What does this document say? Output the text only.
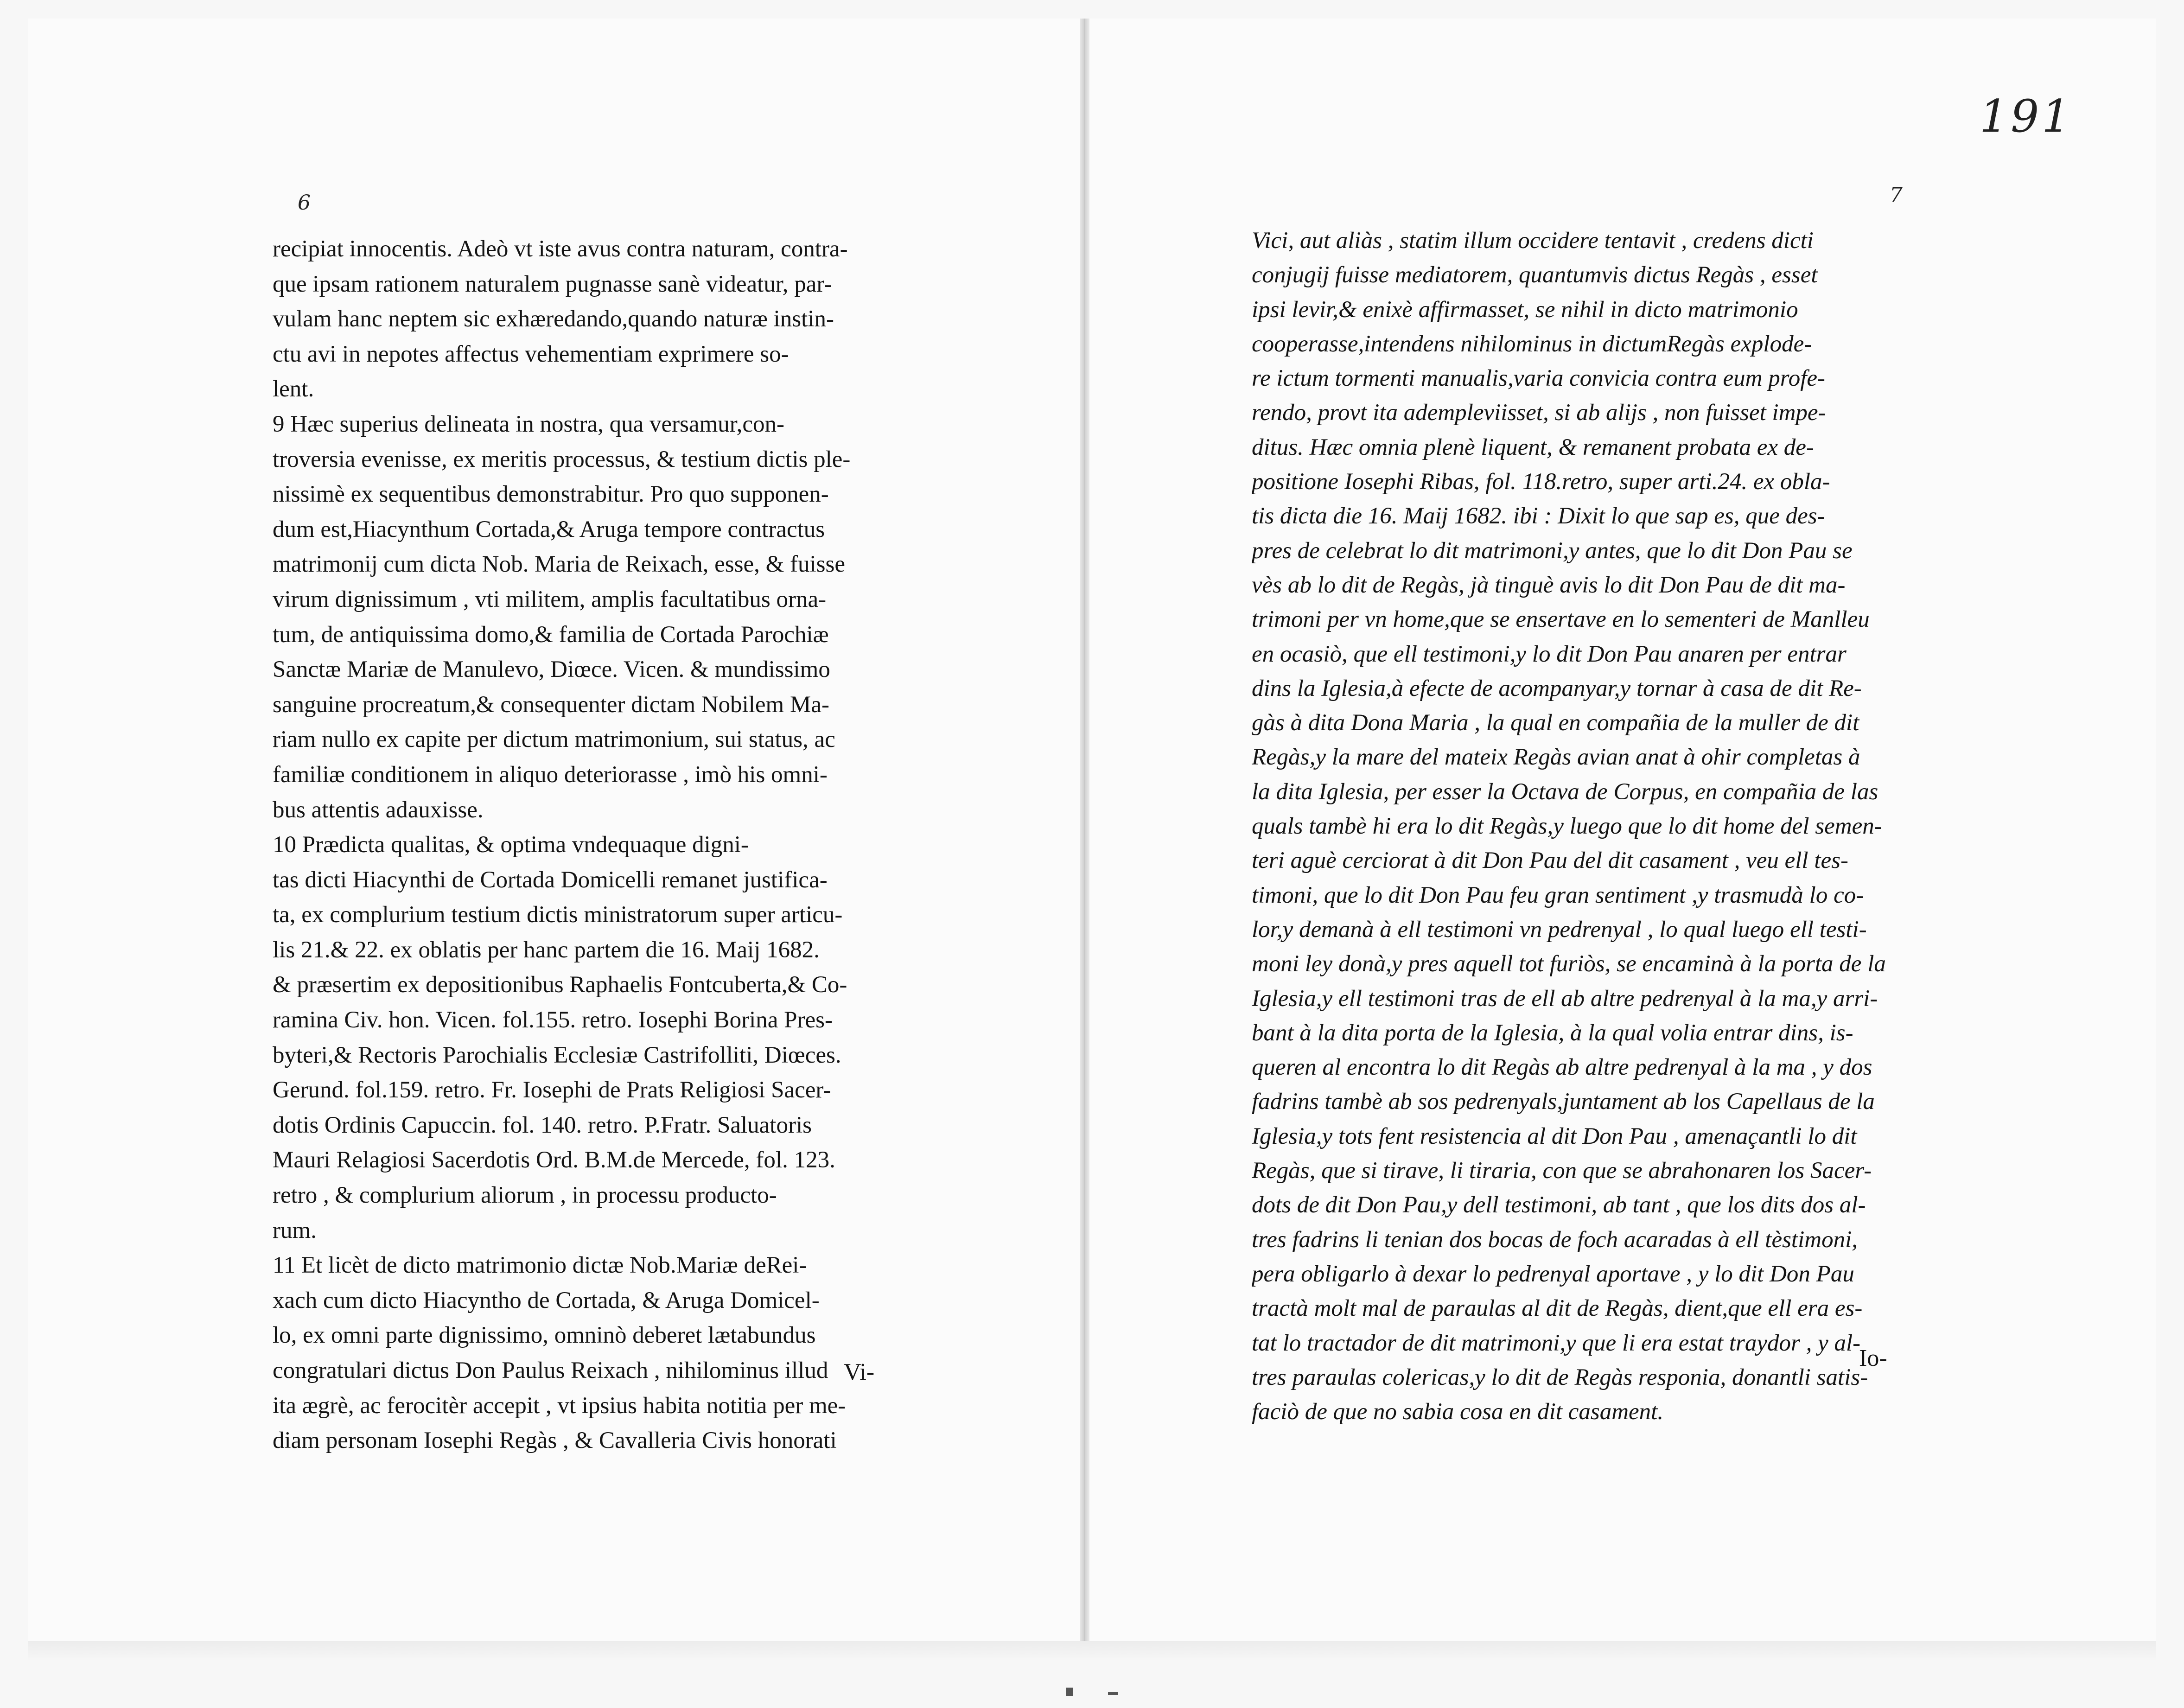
191
6	7
recipiat innocentis. Adeò vt iste avus contra naturam, contra-
que ipsam rationem naturalem pugnasse sanè videatur, par-
vulam hanc neptem sic exhæredando,quando naturæ instin-
ctu avi in nepotes affectus vehementiam exprimere so-
lent.
9 Hæc superius delineata in nostra, qua versamur,con-
troversia evenisse, ex meritis processus, & testium dictis ple-
nissimè ex sequentibus demonstrabitur. Pro quo supponen-
dum est,Hiacynthum Cortada,& Aruga tempore contractus
matrimonij cum dicta Nob. Maria de Reixach, esse, & fuisse
virum dignissimum , vti militem, amplis facultatibus orna-
tum, de antiquissima domo,& familia de Cortada Parochiæ
Sanctæ Mariæ de Manulevo, Diœce. Vicen. & mundissimo
sanguine procreatum,& consequenter dictam Nobilem Ma-
riam nullo ex capite per dictum matrimonium, sui status, ac
familiæ conditionem in aliquo deteriorasse , imò his omni-
bus attentis adauxisse.
10 Prædicta qualitas, & optima vndequaque digni-
tas dicti Hiacynthi de Cortada Domicelli remanet justifica-
ta, ex complurium testium dictis ministratorum super articu-
lis 21.& 22. ex oblatis per hanc partem die 16. Maij 1682.
& præsertim ex depositionibus Raphaelis Fontcuberta,& Co-
ramina Civ. hon. Vicen. fol.155. retro. Iosephi Borina Pres-
byteri,& Rectoris Parochialis Ecclesiæ Castrifolliti, Diœces.
Gerund. fol.159. retro. Fr. Iosephi de Prats Religiosi Sacer-
dotis Ordinis Capuccin. fol. 140. retro. P.Fratr. Saluatoris
Mauri Relagiosi Sacerdotis Ord. B.M.de Mercede, fol. 123.
retro , & complurium aliorum , in processu producto-
rum.
11 Et licèt de dicto matrimonio dictæ Nob.Mariæ deRei-
xach cum dicto Hiacyntho de Cortada, & Aruga Domicel-
lo, ex omni parte dignissimo, omninò deberet lætabundus
congratulari dictus Don Paulus Reixach , nihilominus illud
ita ægrè, ac ferocitèr accepit , vt ipsius habita notitia per me-
diam personam Iosephi Regàs , & Cavalleria Civis honorati
Vici, aut aliàs , statim illum occidere tentavit , credens dicti
conjugij fuisse mediatorem, quantumvis dictus Regàs , esset
ipsi levir,& enixè affirmasset, se nihil in dicto matrimonio
cooperasse,intendens nihilominus in dictumRegàs explode-
re ictum tormenti manualis,varia convicia contra eum profe-
rendo, provt ita adempleviisset, si ab alijs , non fuisset impe-
ditus. Hæc omnia plenè liquent, & remanent probata ex de-
positione Iosephi Ribas, fol. 118.retro, super arti.24. ex obla-
tis dicta die 16. Maij 1682. ibi : Dixit lo que sap es, que des-
pres de celebrat lo dit matrimoni,y antes, que lo dit Don Pau se
vès ab lo dit de Regàs, jà tinguè avis lo dit Don Pau de dit ma-
trimoni per vn home,que se ensertave en lo sementeri de Manlleu
en ocasiò, que ell testimoni,y lo dit Don Pau anaren per entrar
dins la Iglesia,à efecte de acompanyar,y tornar à casa de dit Re-
gàs à dita Dona Maria , la qual en compañia de la muller de dit
Regàs,y la mare del mateix Regàs avian anat à ohir completas à
la dita Iglesia, per esser la Octava de Corpus, en compañia de las
quals tambè hi era lo dit Regàs,y luego que lo dit home del semen-
teri aguè cerciorat à dit Don Pau del dit casament , veu ell tes-
timoni, que lo dit Don Pau feu gran sentiment ,y trasmudà lo co-
lor,y demanà à ell testimoni vn pedrenyal , lo qual luego ell testi-
moni ley donà,y pres aquell tot furiòs, se encaminà à la porta de la
Iglesia,y ell testimoni tras de ell ab altre pedrenyal à la ma,y arri-
bant à la dita porta de la Iglesia, à la qual volia entrar dins, is-
queren al encontra lo dit Regàs ab altre pedrenyal à la ma , y dos
fadrins tambè ab sos pedrenyals,juntament ab los Capellaus de la
Iglesia,y tots fent resistencia al dit Don Pau , amenaçantli lo dit
Regàs, que si tirave, li tiraria, con que se abrahonaren los Sacer-
dots de dit Don Pau,y dell testimoni, ab tant , que los dits dos al-
tres fadrins li tenian dos bocas de foch acaradas à ell tèstimoni,
pera obligarlo à dexar lo pedrenyal aportave , y lo dit Don Pau
tractà molt mal de paraulas al dit de Regàs, dient,que ell era es-
tat lo tractador de dit matrimoni,y que li era estat traydor , y al-
tres paraulas colericas,y lo dit de Regàs responia, donantli satis-
faciò de que no sabia cosa en dit casament.
Vi-
Io-
